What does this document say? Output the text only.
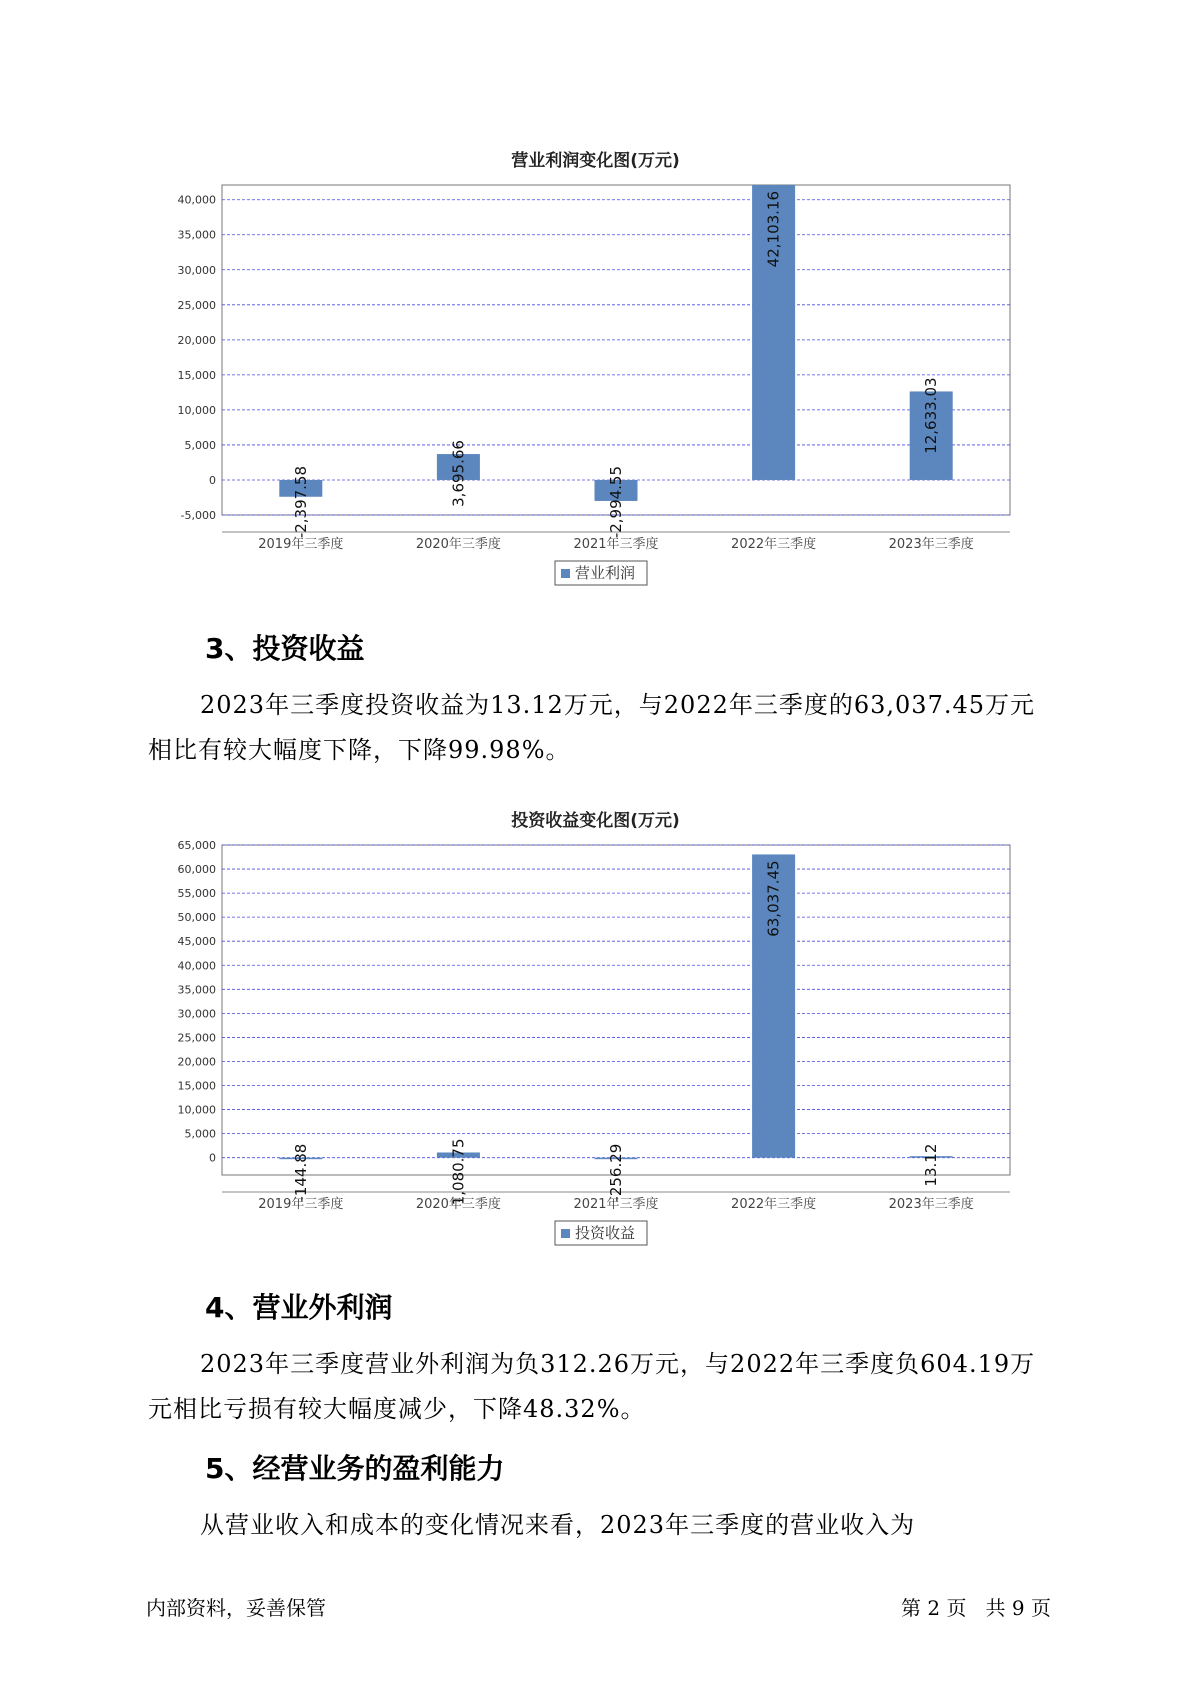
营业利润变化图(万元)
40,000
35,000
30,000
25,000
20,000
15,000
10,000
5,000
0
-5,000	-2,397.58
2019年三季度
3,695.66
2020年三季度
-2,994.55
2021年三季度
42,103.16
2022年三季度
12,633.03
2023年三季度
营业利润
投资收益变化图(万元)
65,000
60,000
55,000
50,000
45,000
40,000
35,000
30,000
25,000
20,000
15,000
10,000
5,000
0	-144.88
2019年三季度	1,080.75
2020年三季度
-256.29
2021年三季度
63,037.45
2022年三季度
13.12
2023年三季度
投资收益
3、投资收益
2023年三季度投资收益为13.12万元，与2022年三季度的63,037.45万元相比有较大幅度下降，下降99.98%。
4、营业外利润
2023年三季度营业外利润为负312.26万元，与2022年三季度负604.19万元相比亏损有较大幅度减少，下降48.32%。
5、经营业务的盈利能力
从营业收入和成本的变化情况来看，2023年三季度的营业收入为
内部资料，妥善保管	第 2 页   共 9 页
